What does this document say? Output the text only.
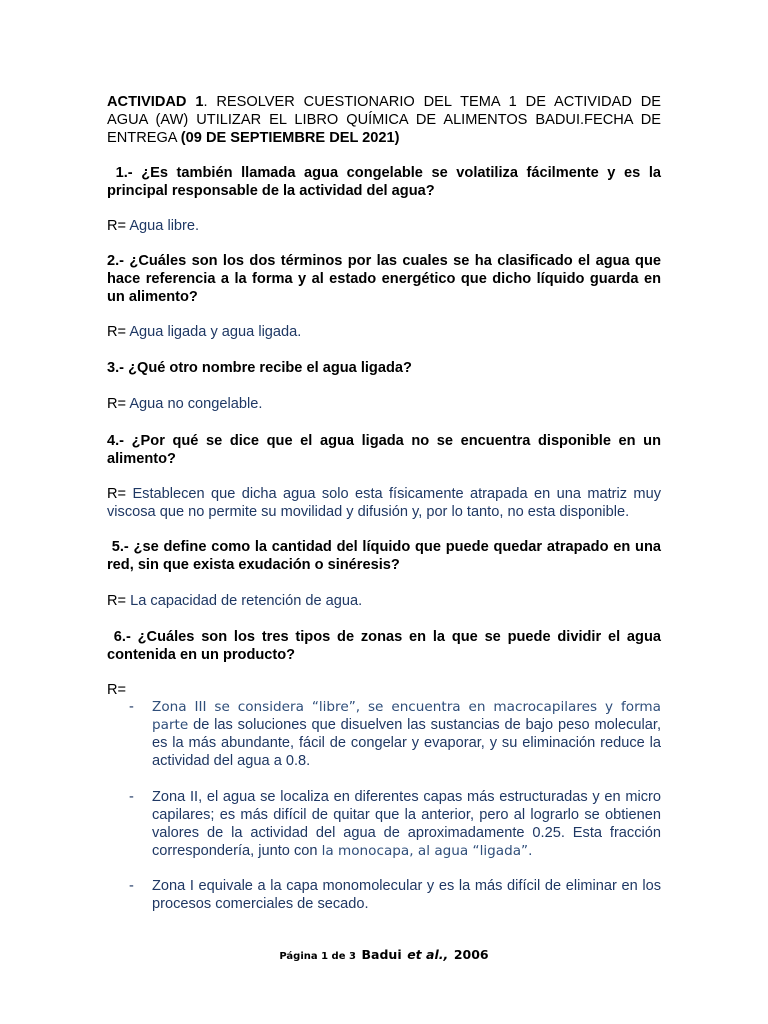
ACTIVIDAD 1. RESOLVER CUESTIONARIO DEL TEMA 1 DE ACTIVIDAD DE AGUA (AW) UTILIZAR EL LIBRO QUÍMICA DE ALIMENTOS BADUI.FECHA DE ENTREGA (09 DE SEPTIEMBRE DEL 2021)
1.- ¿Es también llamada agua congelable se volatiliza fácilmente y es la principal responsable de la actividad del agua?
R= Agua libre.
2.- ¿Cuáles son los dos términos por las cuales se ha clasificado el agua que hace referencia a la forma y al estado energético que dicho líquido guarda en un alimento?
R= Agua ligada y agua ligada.
3.- ¿Qué otro nombre recibe el agua ligada?
R= Agua no congelable.
4.- ¿Por qué se dice que el agua ligada no se encuentra disponible en un alimento?
R= Establecen que dicha agua solo esta físicamente atrapada en una matriz muy viscosa que no permite su movilidad y difusión y, por lo tanto, no esta disponible.
5.- ¿se define como la cantidad del líquido que puede quedar atrapado en una red, sin que exista exudación o sinéresis?
R= La capacidad de retención de agua.
6.- ¿Cuáles son los tres tipos de zonas en la que se puede dividir el agua contenida en un producto?
R=
- Zona III se considera “libre”, se encuentra en macrocapilares y forma parte de las soluciones que disuelven las sustancias de bajo peso molecular, es la más abundante, fácil de congelar y evaporar, y su eliminación reduce la actividad del agua a 0.8.
- Zona II, el agua se localiza en diferentes capas más estructuradas y en micro capilares; es más difícil de quitar que la anterior, pero al lograrlo se obtienen valores de la actividad del agua de aproximadamente 0.25. Esta fracción correspondería, junto con la monocapa, al agua “ligada”.
- Zona I equivale a la capa monomolecular y es la más difícil de eliminar en los procesos comerciales de secado.
Página 1 de 3 Badui et al., 2006
